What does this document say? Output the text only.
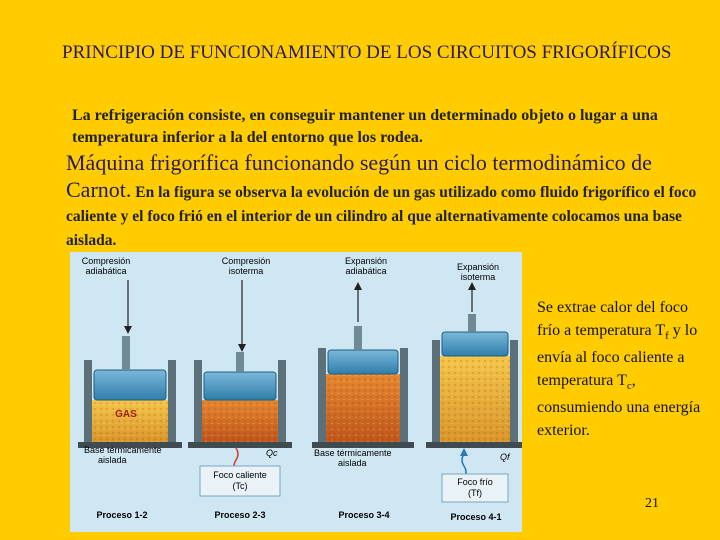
PRINCIPIO DE FUNCIONAMIENTO DE LOS CIRCUITOS FRIGORÍFICOS
La refrigeración consiste, en conseguir mantener un determinado objeto o lugar a una temperatura inferior a la del entorno que los rodea.
Máquina frigorífica funcionando según un ciclo termodinámico de Carnot. En la figura se observa la evolución de un gas utilizado como fluido frigorífico el foco caliente y el foco frió en el interior de un cilindro al que alternativamente colocamos una base aislada.
Compresión
adiabática
GAS
Base térmicamente
aislada
Proceso 1-2
Compresión
isoterma
Qc
Foco caliente
(Tc)
Proceso 2-3
Expansión
adiabática
Base térmicamente
aislada
Proceso 3-4
Expansión
isoterma
Qf
Foco frío
(Tf)
Proceso 4-1
Se extrae calor del foco frío a temperatura $T_f$ y lo envía al foco caliente a temperatura $T_c$, consumiendo una energía exterior.
21
